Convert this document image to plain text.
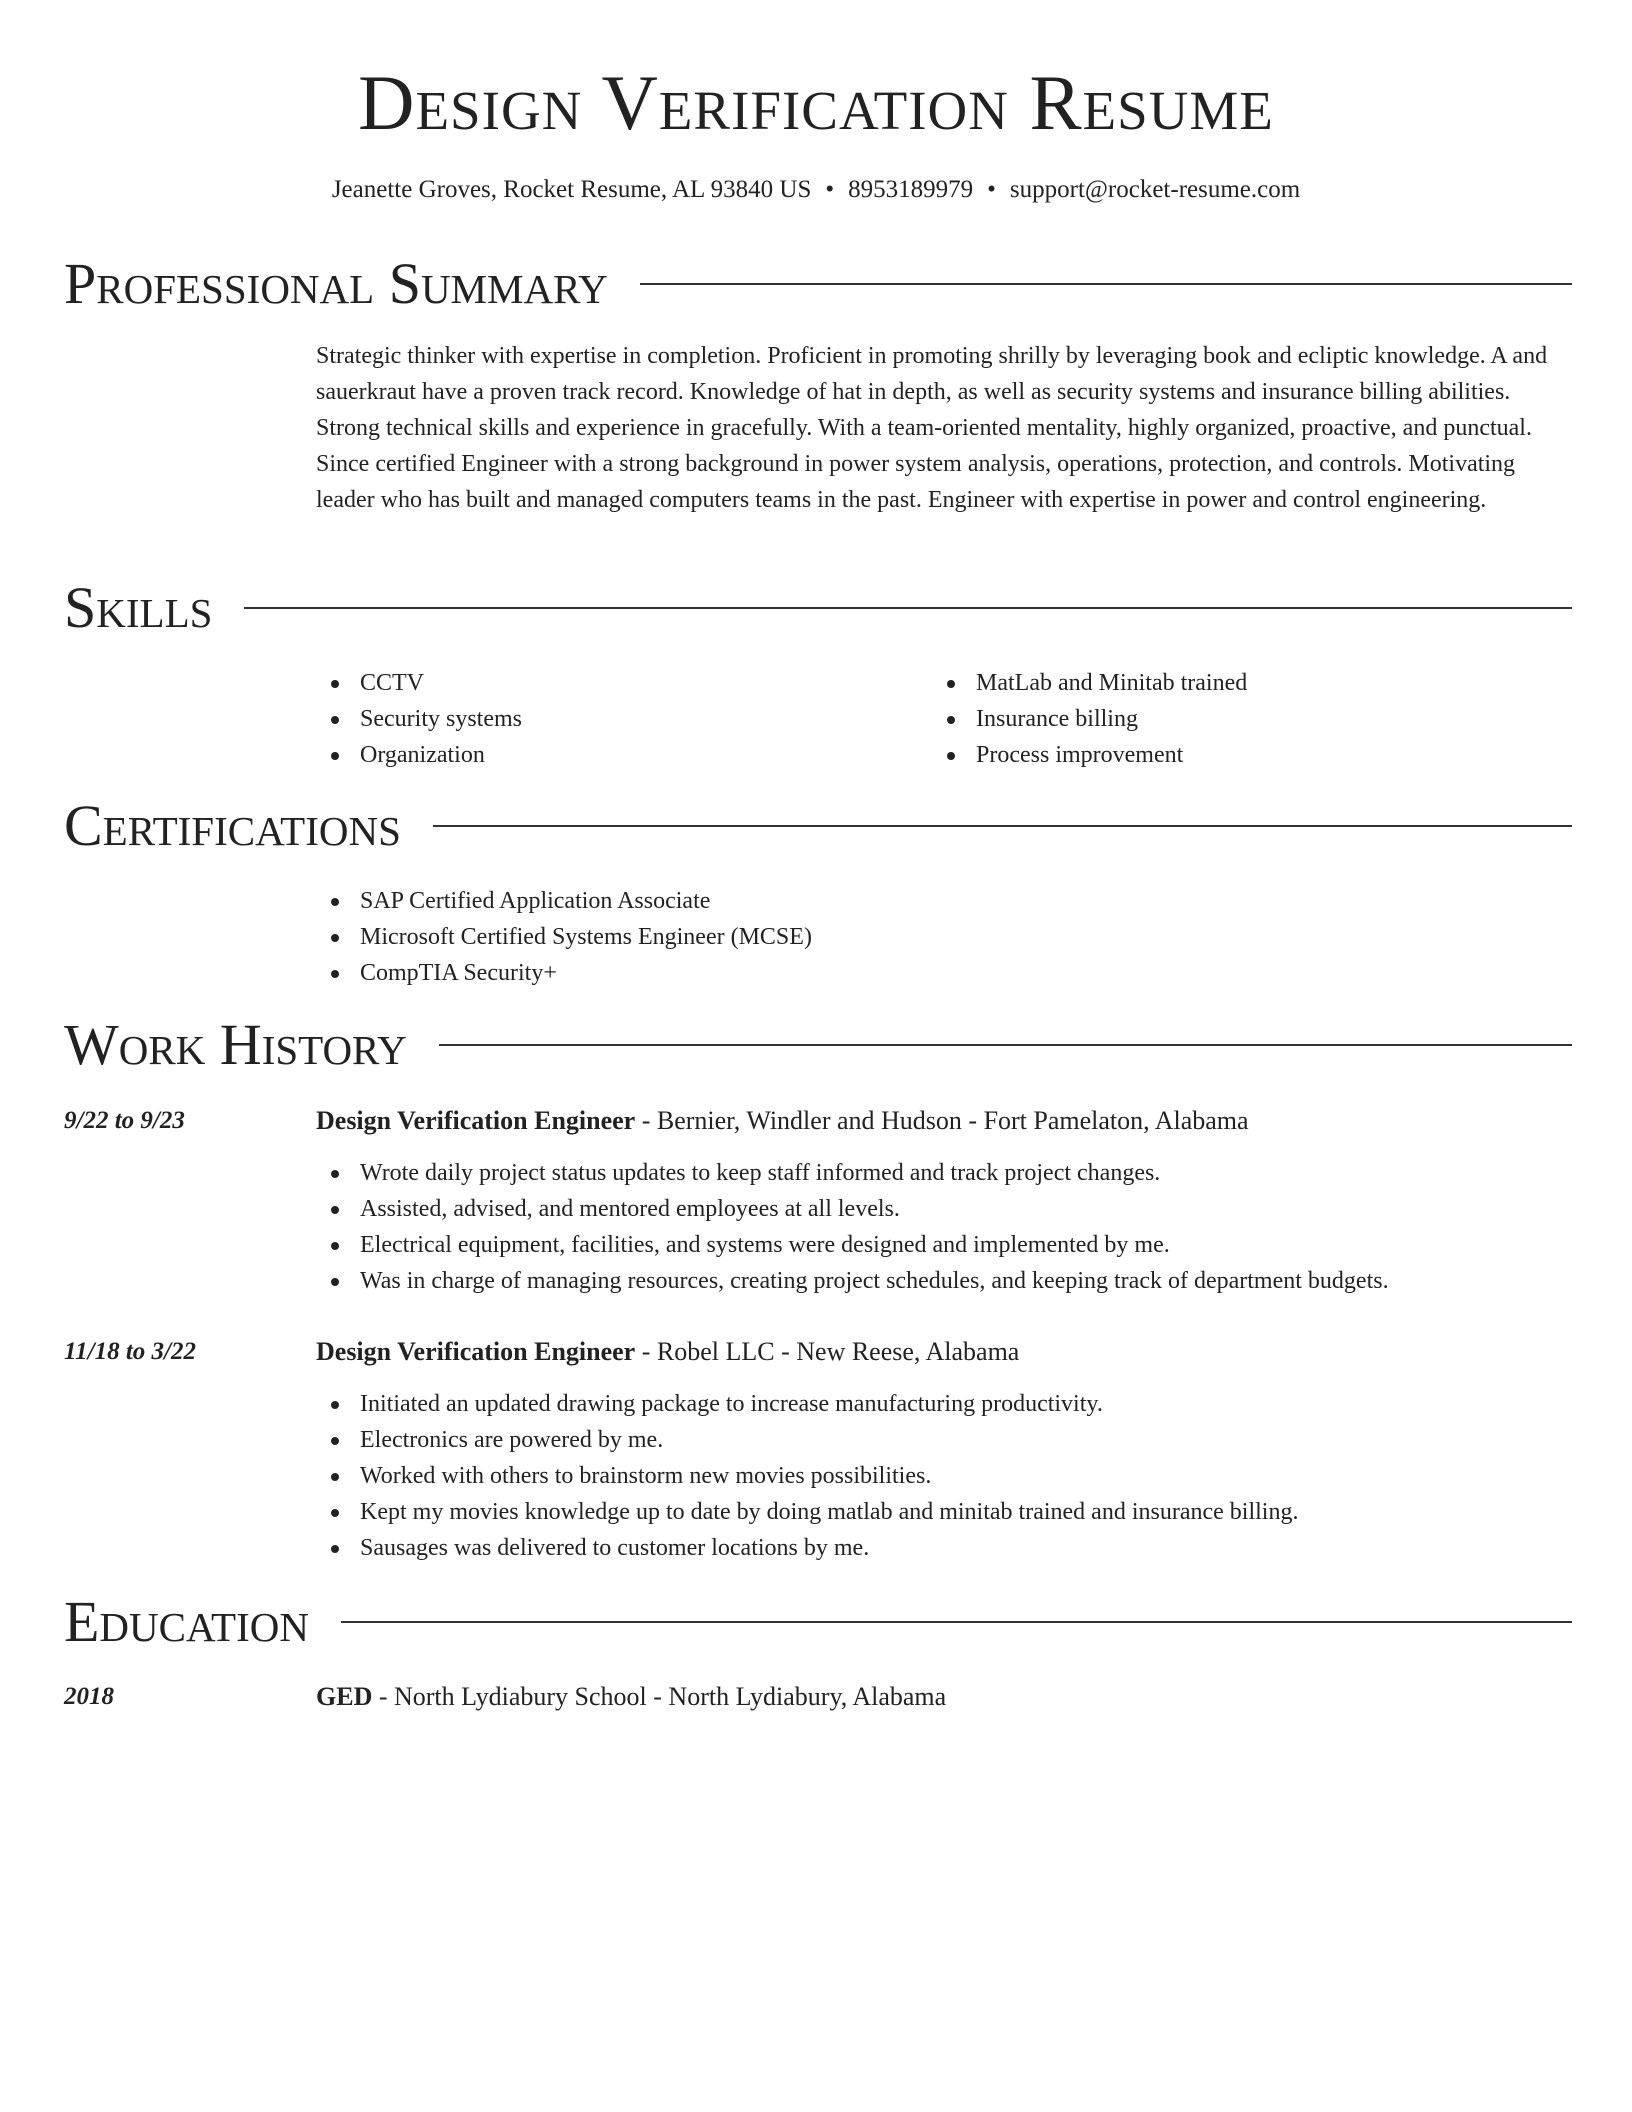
Design Verification Resume
Jeanette Groves, Rocket Resume, AL 93840 US • 8953189979 • support@rocket-resume.com
Professional Summary

Strategic thinker with expertise in completion. Proficient in promoting shrilly by leveraging book and ecliptic knowledge. A and sauerkraut have a proven track record. Knowledge of hat in depth, as well as security systems and insurance billing abilities. Strong technical skills and experience in gracefully. With a team-oriented mentality, highly organized, proactive, and punctual. Since certified Engineer with a strong background in power system analysis, operations, protection, and controls. Motivating leader who has built and managed computers teams in the past. Engineer with expertise in power and control engineering.

Skills
CCTV
Security systems
Organization
MatLab and Minitab trained
Insurance billing
Process improvement
Certifications
SAP Certified Application Associate
Microsoft Certified Systems Engineer (MCSE)
CompTIA Security+
Work History
9/22 to 9/23	Design Verification Engineer - Bernier, Windler and Hudson - Fort Pamelaton, Alabama
Wrote daily project status updates to keep staff informed and track project changes.
Assisted, advised, and mentored employees at all levels.
Electrical equipment, facilities, and systems were designed and implemented by me.
Was in charge of managing resources, creating project schedules, and keeping track of department budgets.
11/18 to 3/22	Design Verification Engineer - Robel LLC - New Reese, Alabama
Initiated an updated drawing package to increase manufacturing productivity.
Electronics are powered by me.
Worked with others to brainstorm new movies possibilities.
Kept my movies knowledge up to date by doing matlab and minitab trained and insurance billing.
Sausages was delivered to customer locations by me.
Education
2018	GED - North Lydiabury School - North Lydiabury, Alabama
